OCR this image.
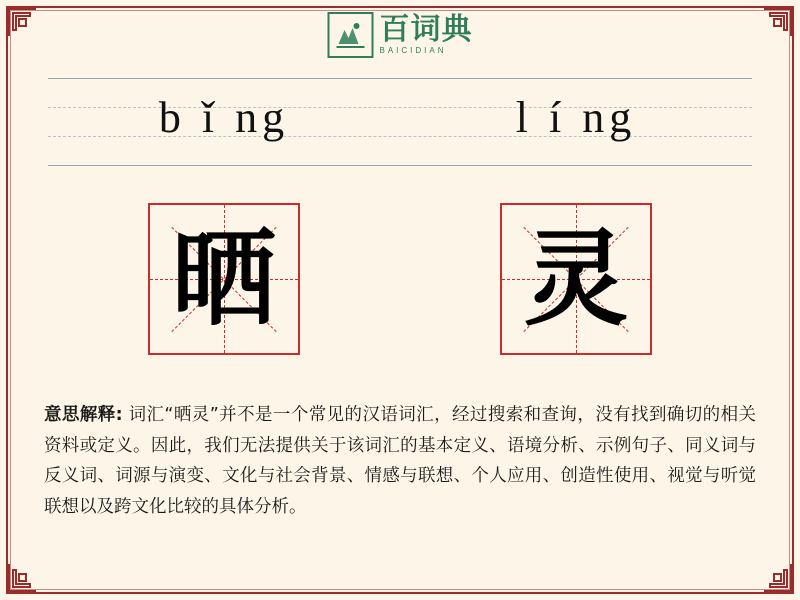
百词典
BAICIDIAN
b ǐ ng	l í ng
晒 灵
意思解释: 词汇“晒灵”并不是一个常见的汉语词汇，经过搜索和查询，没有找到确切的相关资料或定义。因此，我们无法提供关于该词汇的基本定义、语境分析、示例句子、同义词与反义词、词源与演变、文化与社会背景、情感与联想、个人应用、创造性使用、视觉与听觉联想以及跨文化比较的具体分析。
